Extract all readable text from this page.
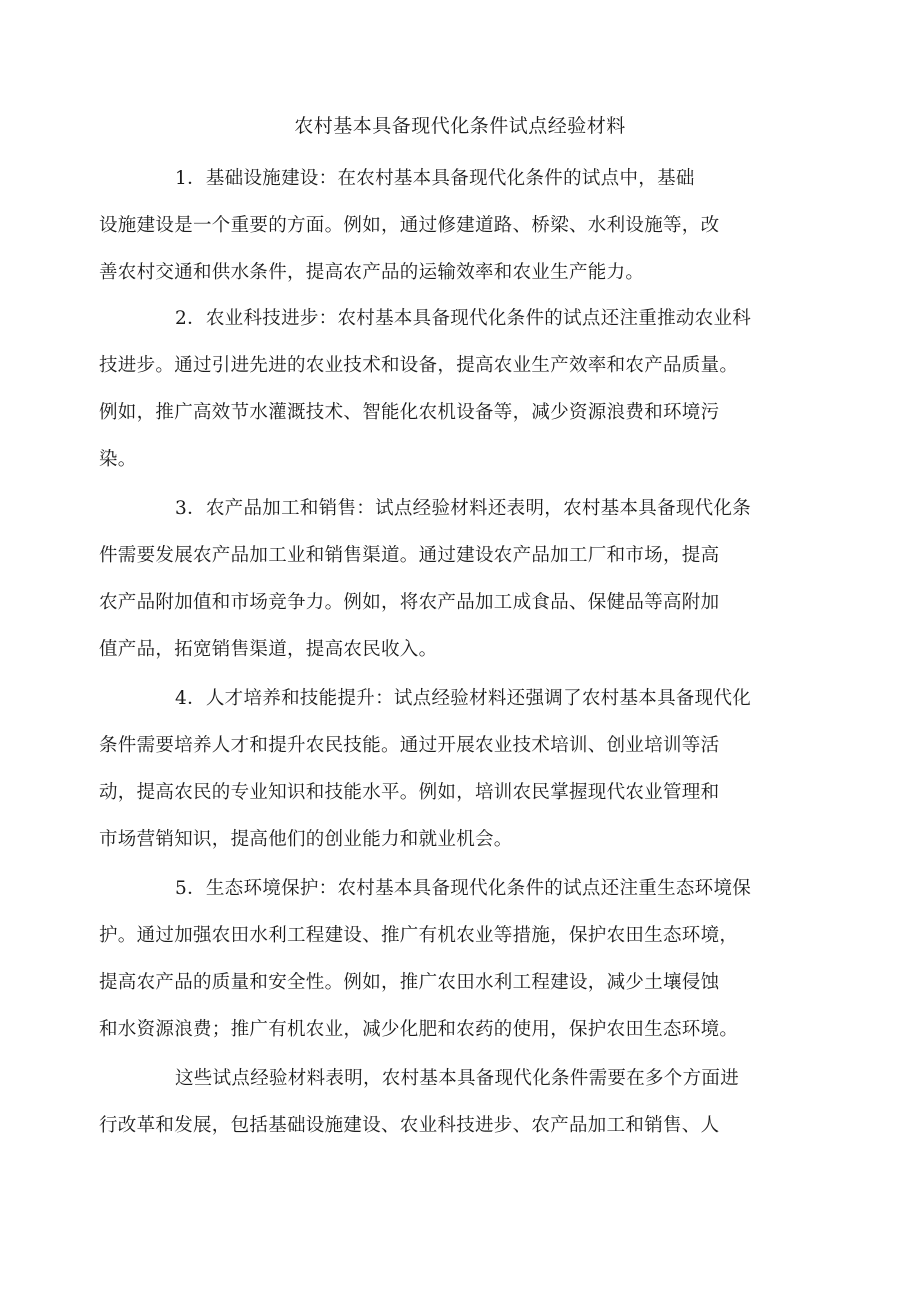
农村基本具备现代化条件试点经验材料
1．基础设施建设：在农村基本具备现代化条件的试点中，基础
设施建设是一个重要的方面。例如，通过修建道路、桥梁、水利设施等，改
善农村交通和供水条件，提高农产品的运输效率和农业生产能力。
2．农业科技进步：农村基本具备现代化条件的试点还注重推动农业科
技进步。通过引进先进的农业技术和设备，提高农业生产效率和农产品质量。
例如，推广高效节水灌溉技术、智能化农机设备等，减少资源浪费和环境污
染。
3．农产品加工和销售：试点经验材料还表明，农村基本具备现代化条
件需要发展农产品加工业和销售渠道。通过建设农产品加工厂和市场，提高
农产品附加值和市场竞争力。例如，将农产品加工成食品、保健品等高附加
值产品，拓宽销售渠道，提高农民收入。
4．人才培养和技能提升：试点经验材料还强调了农村基本具备现代化
条件需要培养人才和提升农民技能。通过开展农业技术培训、创业培训等活
动，提高农民的专业知识和技能水平。例如，培训农民掌握现代农业管理和
市场营销知识，提高他们的创业能力和就业机会。
5．生态环境保护：农村基本具备现代化条件的试点还注重生态环境保
护。通过加强农田水利工程建设、推广有机农业等措施，保护农田生态环境，
提高农产品的质量和安全性。例如，推广农田水利工程建设，减少土壤侵蚀
和水资源浪费；推广有机农业，减少化肥和农药的使用，保护农田生态环境。
这些试点经验材料表明，农村基本具备现代化条件需要在多个方面进
行改革和发展，包括基础设施建设、农业科技进步、农产品加工和销售、人
